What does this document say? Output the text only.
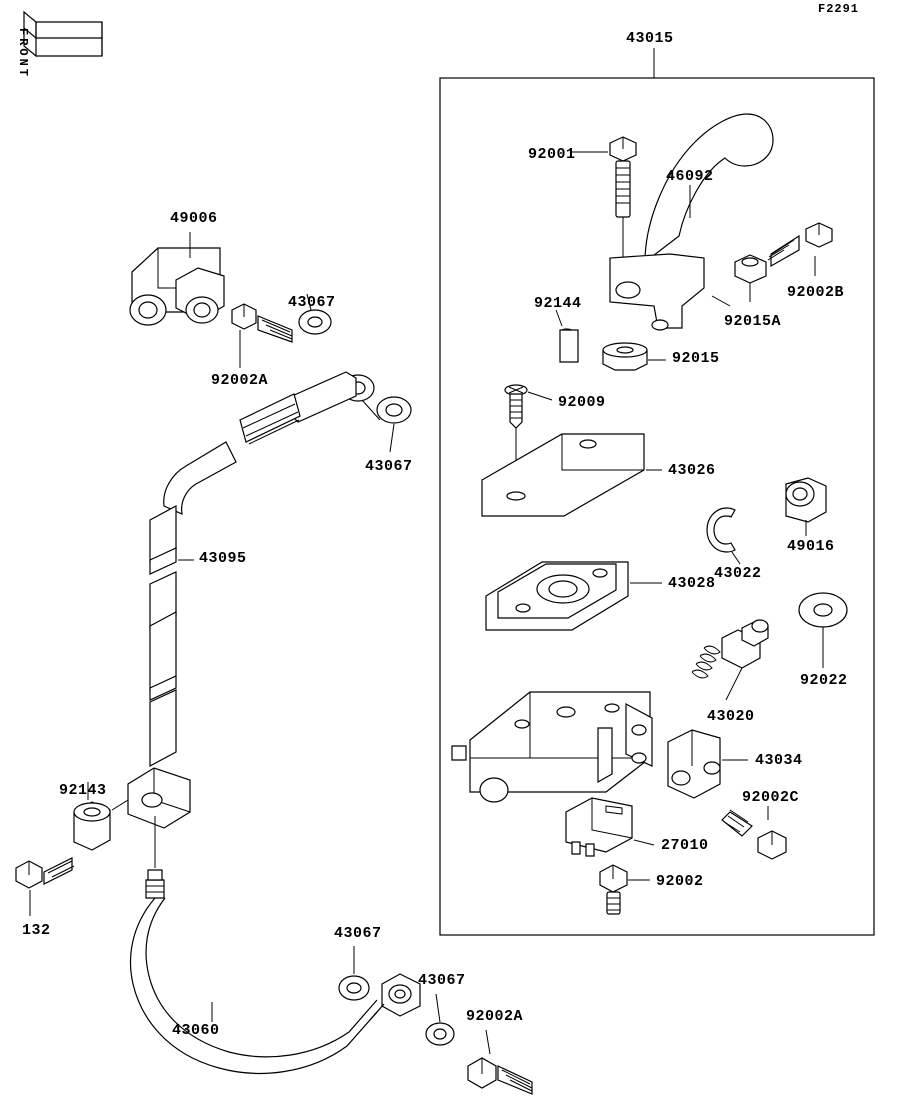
FRONT
F2291
43015
92001
46092
92002B
92015A
92144
92015
92009
43026
49016
43022
43028
92022
43020
43034
92002C
27010
92002
49006
43067
92002A
43067
43095
92143
132
43060
43067
43067
92002A
